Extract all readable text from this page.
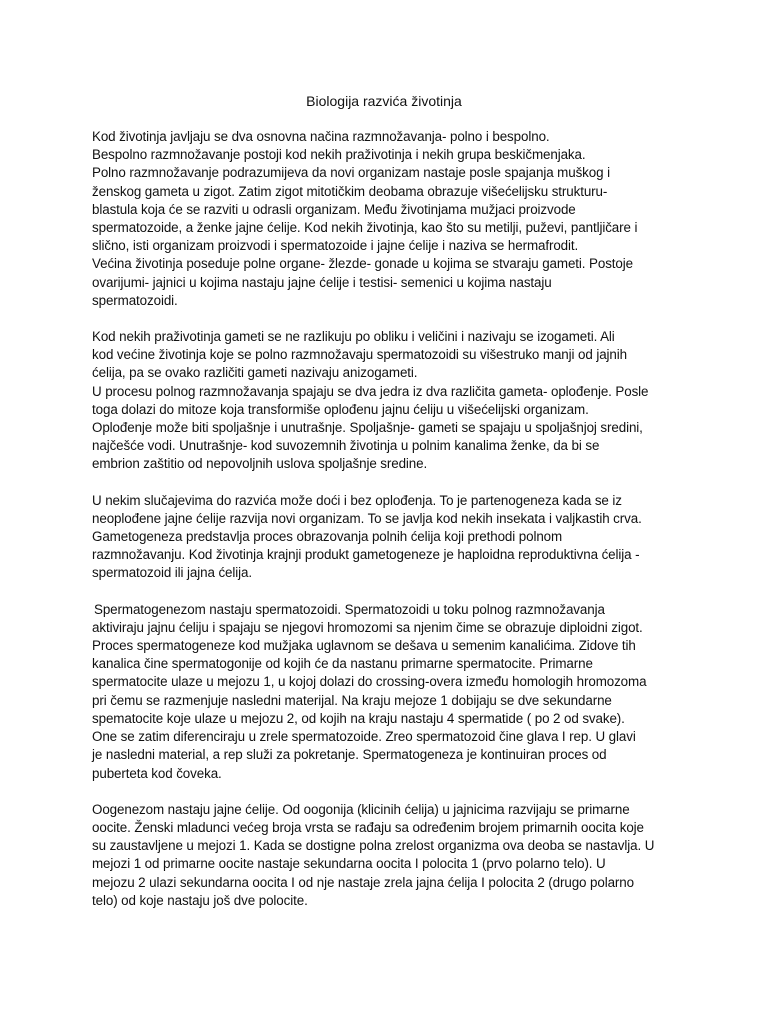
Biologija razvića životinja
Kod životinja javljaju se dva osnovna načina razmnožavanja- polno i bespolno.
Bespolno razmnožavanje postoji kod nekih praživotinja i nekih grupa beskičmenjaka.
Polno razmnožavanje podrazumijeva da novi organizam nastaje posle spajanja muškog i
ženskog gameta u zigot. Zatim zigot mitotičkim deobama obrazuje višećelijsku strukturu-
blastula koja će se razviti u odrasli organizam. Među životinjama mužjaci proizvode
spermatozoide, a ženke jajne ćelije. Kod nekih životinja, kao što su metilji, puževi, pantljičare i
slično, isti organizam proizvodi i spermatozoide i jajne ćelije i naziva se hermafrodit.
Većina životinja poseduje polne organe- žlezde- gonade u kojima se stvaraju gameti. Postoje
ovarijumi- jajnici u kojima nastaju jajne ćelije i testisi- semenici u kojima nastaju
spermatozoidi.
Kod nekih praživotinja gameti se ne razlikuju po obliku i veličini i nazivaju se izogameti. Ali
kod većine životinja koje se polno razmnožavaju spermatozoidi su višestruko manji od jajnih
ćelija, pa se ovako različiti gameti nazivaju anizogameti.
U procesu polnog razmnožavanja spajaju se dva jedra iz dva različita gameta- oplođenje. Posle
toga dolazi do mitoze koja transformiše oplođenu jajnu ćeliju u višećelijski organizam.
Oplođenje može biti spoljašnje i unutrašnje. Spoljašnje- gameti se spajaju u spoljašnjoj sredini,
najčešće vodi. Unutrašnje- kod suvozemnih životinja u polnim kanalima ženke, da bi se
embrion zaštitio od nepovoljnih uslova spoljašnje sredine.
U nekim slučajevima do razvića može doći i bez oplođenja. To je partenogeneza kada se iz
neoplođene jajne ćelije razvija novi organizam. To se javlja kod nekih insekata i valjkastih crva.
Gametogeneza predstavlja proces obrazovanja polnih ćelija koji prethodi polnom
razmnožavanju. Kod životinja krajnji produkt gametogeneze je haploidna reproduktivna ćelija -
spermatozoid ili jajna ćelija.
Spermatogenezom nastaju spermatozoidi. Spermatozoidi u toku polnog razmnožavanja
aktiviraju jajnu ćeliju i spajaju se njegovi hromozomi sa njenim čime se obrazuje diploidni zigot.
Proces spermatogeneze kod mužjaka uglavnom se dešava u semenim kanalićima. Zidove tih
kanalica čine spermatogonije od kojih će da nastanu primarne spermatocite. Primarne
spermatocite ulaze u mejozu 1, u kojoj dolazi do crossing-overa između homologih hromozoma
pri čemu se razmenjuje nasledni materijal. Na kraju mejoze 1 dobijaju se dve sekundarne
spematocite koje ulaze u mejozu 2, od kojih na kraju nastaju 4 spermatide ( po 2 od svake).
One se zatim diferenciraju u zrele spermatozoide. Zreo spermatozoid čine glava I rep. U glavi
je nasledni material, a rep služi za pokretanje. Spermatogeneza je kontinuiran proces od
puberteta kod čoveka.
Oogenezom nastaju jajne ćelije. Od oogonija (klicinih ćelija) u jajnicima razvijaju se primarne
oocite. Ženski mladunci većeg broja vrsta se rađaju sa određenim brojem primarnih oocita koje
su zaustavljene u mejozi 1. Kada se dostigne polna zrelost organizma ova deoba se nastavlja. U
mejozi 1 od primarne oocite nastaje sekundarna oocita I polocita 1 (prvo polarno telo). U
mejozu 2 ulazi sekundarna oocita I od nje nastaje zrela jajna ćelija I polocita 2 (drugo polarno
telo) od koje nastaju još dve polocite.
